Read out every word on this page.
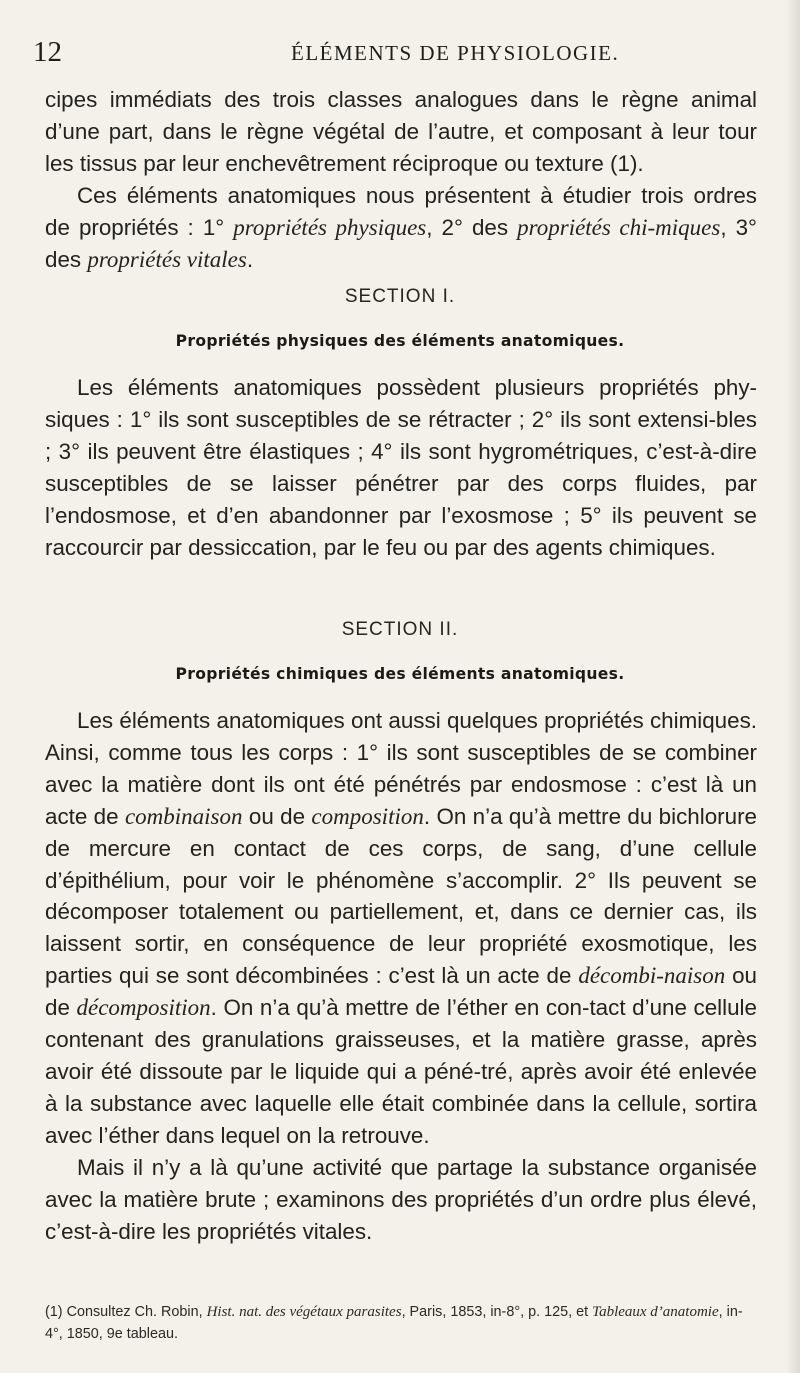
12	ÉLÉMENTS DE PHYSIOLOGIE.

cipes immédiats des trois classes analogues dans le règne animal d’une part, dans le règne végétal de l’autre, et composant à leur tour les tissus par leur enchevêtrement réciproque ou texture (1).

Ces éléments anatomiques nous présentent à étudier trois ordres de propriétés : 1° propriétés physiques, 2° des propriétés chi-miques, 3° des propriétés vitales.

SECTION I.
Propriétés physiques des éléments anatomiques.

Les éléments anatomiques possèdent plusieurs propriétés phy-siques : 1° ils sont susceptibles de se rétracter ; 2° ils sont extensi-bles ; 3° ils peuvent être élastiques ; 4° ils sont hygrométriques, c’est-à-dire susceptibles de se laisser pénétrer par des corps fluides, par l’endosmose, et d’en abandonner par l’exosmose ; 5° ils peuvent se raccourcir par dessiccation, par le feu ou par des agents chimiques.

SECTION II.
Propriétés chimiques des éléments anatomiques.

Les éléments anatomiques ont aussi quelques propriétés chimiques. Ainsi, comme tous les corps : 1° ils sont susceptibles de se combiner avec la matière dont ils ont été pénétrés par endosmose : c’est là un acte de combinaison ou de composition. On n’a qu’à mettre du bichlorure de mercure en contact de ces corps, de sang, d’une cellule d’épithélium, pour voir le phénomène s’accomplir. 2° Ils peuvent se décomposer totalement ou partiellement, et, dans ce dernier cas, ils laissent sortir, en conséquence de leur propriété exosmotique, les parties qui se sont décombinées : c’est là un acte de décombi-naison ou de décomposition. On n’a qu’à mettre de l’éther en con-tact d’une cellule contenant des granulations graisseuses, et la matière grasse, après avoir été dissoute par le liquide qui a péné-tré, après avoir été enlevée à la substance avec laquelle elle était combinée dans la cellule, sortira avec l’éther dans lequel on la retrouve.

Mais il n’y a là qu’une activité que partage la substance organisée avec la matière brute ; examinons des propriétés d’un ordre plus élevé, c’est-à-dire les propriétés vitales.

(1) Consultez Ch. Robin, Hist. nat. des végétaux parasites, Paris, 1853, in-8°, p. 125, et Tableaux d’anatomie, in-4°, 1850, 9e tableau.
